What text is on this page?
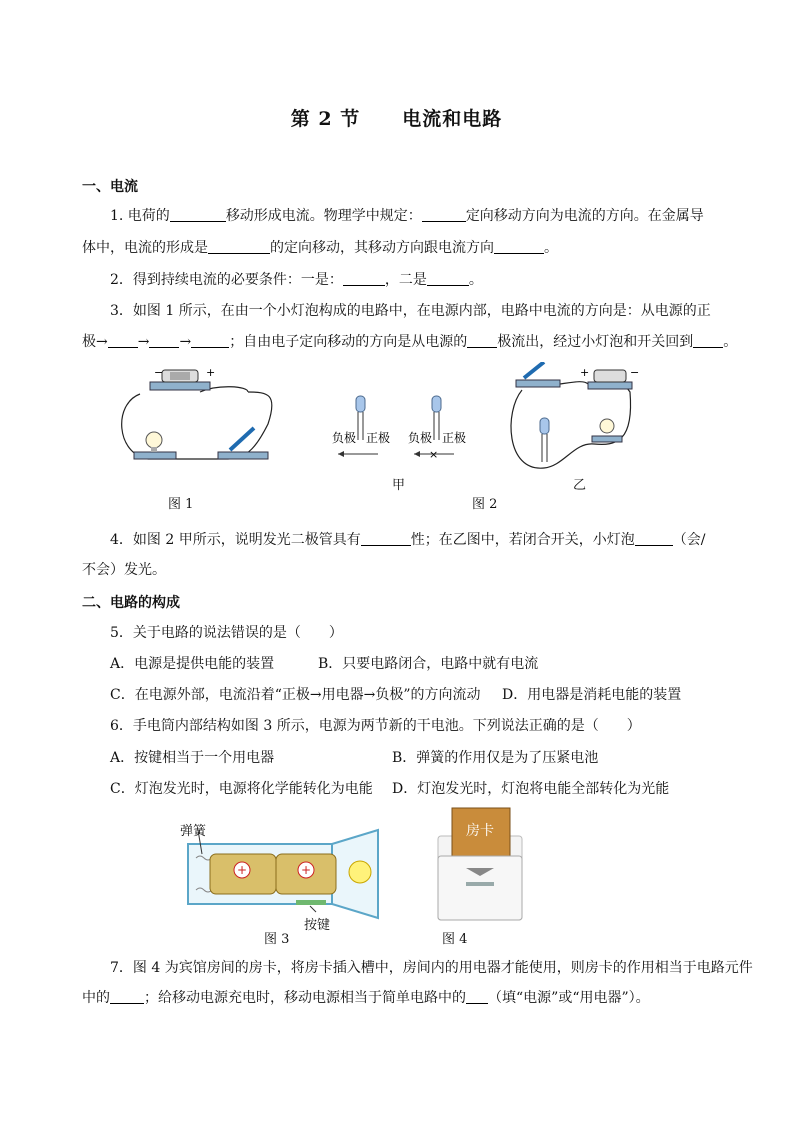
第 2 节 电流和电路
一、电流
1. 电荷的	移动形成电流。物理学中规定：	定向移动方向为电流的方向。在金属导
体中，电流的形成是	的定向移动，其移动方向跟电流方向	。
2．得到持续电流的必要条件：一是：	，二是	。
3．如图 1 所示，在由一个小灯泡构成的电路中，在电源内部，电路中电流的方向是：从电源的正
极→ → →	；自由电子定向移动的方向是从电源的 极流出，经过小灯泡和开关回到 。
−	+
图 1
负极 正极 负极 正极
×
甲
+	−
乙
图 2
4．如图 2 甲所示，说明发光二极管具有	性；在乙图中，若闭合开关，小灯泡	（会/
不会）发光。
二、电路的构成
5．关于电路的说法错误的是（　　）
A．电源是提供电能的装置	B．只要电路闭合，电路中就有电流
C．在电源外部，电流沿着“正极→用电器→负极”的方向流动 D．用电器是消耗电能的装置
6．手电筒内部结构如图 3 所示，电源为两节新的干电池。下列说法正确的是（　　）
A．按键相当于一个用电器	B．弹簧的作用仅是为了压紧电池
C．灯泡发光时，电源将化学能转化为电能 D．灯泡发光时，灯泡将电能全部转化为光能
+	+
弹簧
按键
图 3
房卡
图 4
7．图 4 为宾馆房间的房卡，将房卡插入槽中，房间内的用电器才能使用，则房卡的作用相当于电路元件
中的 ；给移动电源充电时，移动电源相当于简单电路中的 （填“电源”或“用电器”）。
